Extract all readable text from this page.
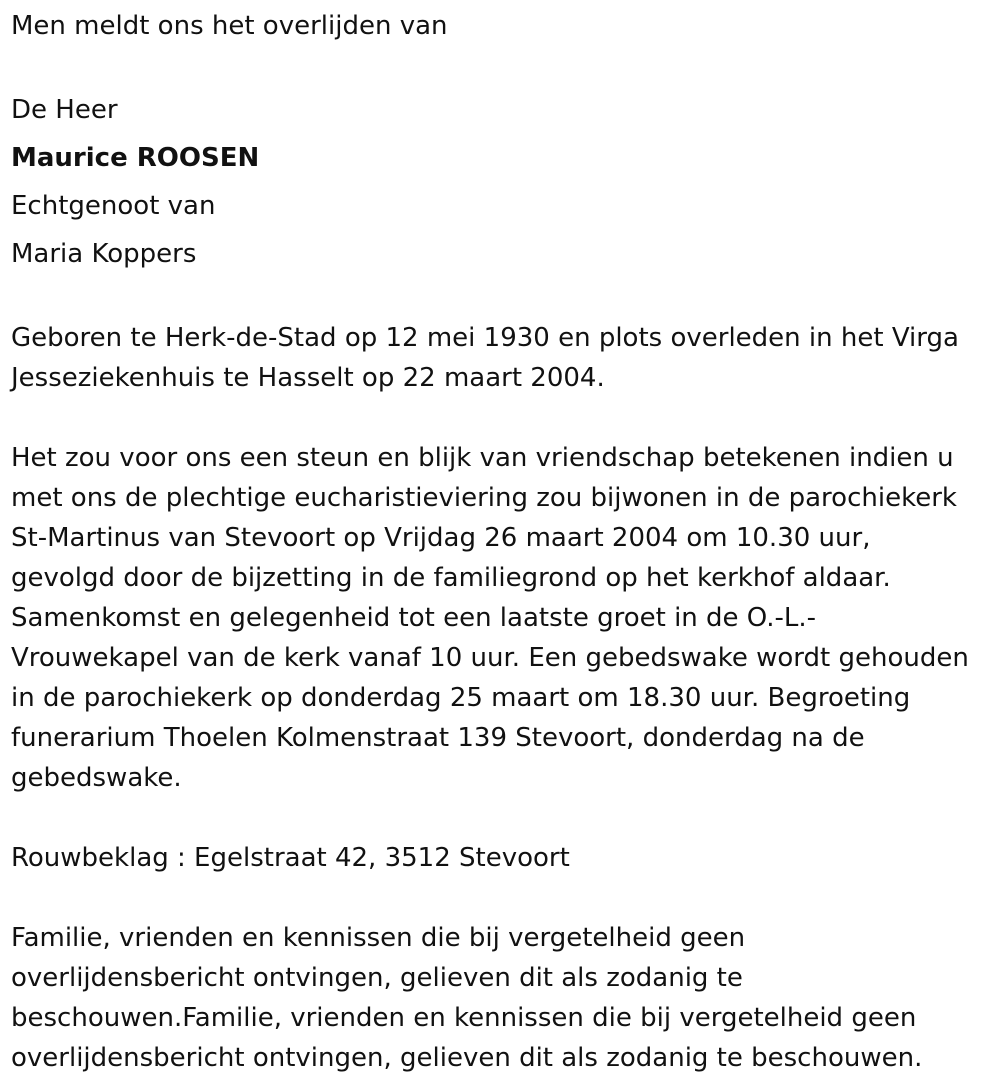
Men meldt ons het overlijden van

De Heer

Maurice ROOSEN

Echtgenoot van

Maria Koppers

Geboren te Herk-de-Stad op 12 mei 1930 en plots overleden in het Virga

Jesseziekenhuis te Hasselt op 22 maart 2004.

Het zou voor ons een steun en blijk van vriendschap betekenen indien u

met ons de plechtige eucharistieviering zou bijwonen in de parochiekerk

St-Martinus van Stevoort op Vrijdag 26 maart 2004 om 10.30 uur,

gevolgd door de bijzetting in de familiegrond op het kerkhof aldaar.

Samenkomst en gelegenheid tot een laatste groet in de O.-L.-

Vrouwekapel van de kerk vanaf 10 uur. Een gebedswake wordt gehouden

in de parochiekerk op donderdag 25 maart om 18.30 uur. Begroeting

funerarium Thoelen Kolmenstraat 139 Stevoort, donderdag na de

gebedswake.

Rouwbeklag : Egelstraat 42, 3512 Stevoort

Familie, vrienden en kennissen die bij vergetelheid geen

overlijdensbericht ontvingen, gelieven dit als zodanig te

beschouwen.Familie, vrienden en kennissen die bij vergetelheid geen

overlijdensbericht ontvingen, gelieven dit als zodanig te beschouwen.
